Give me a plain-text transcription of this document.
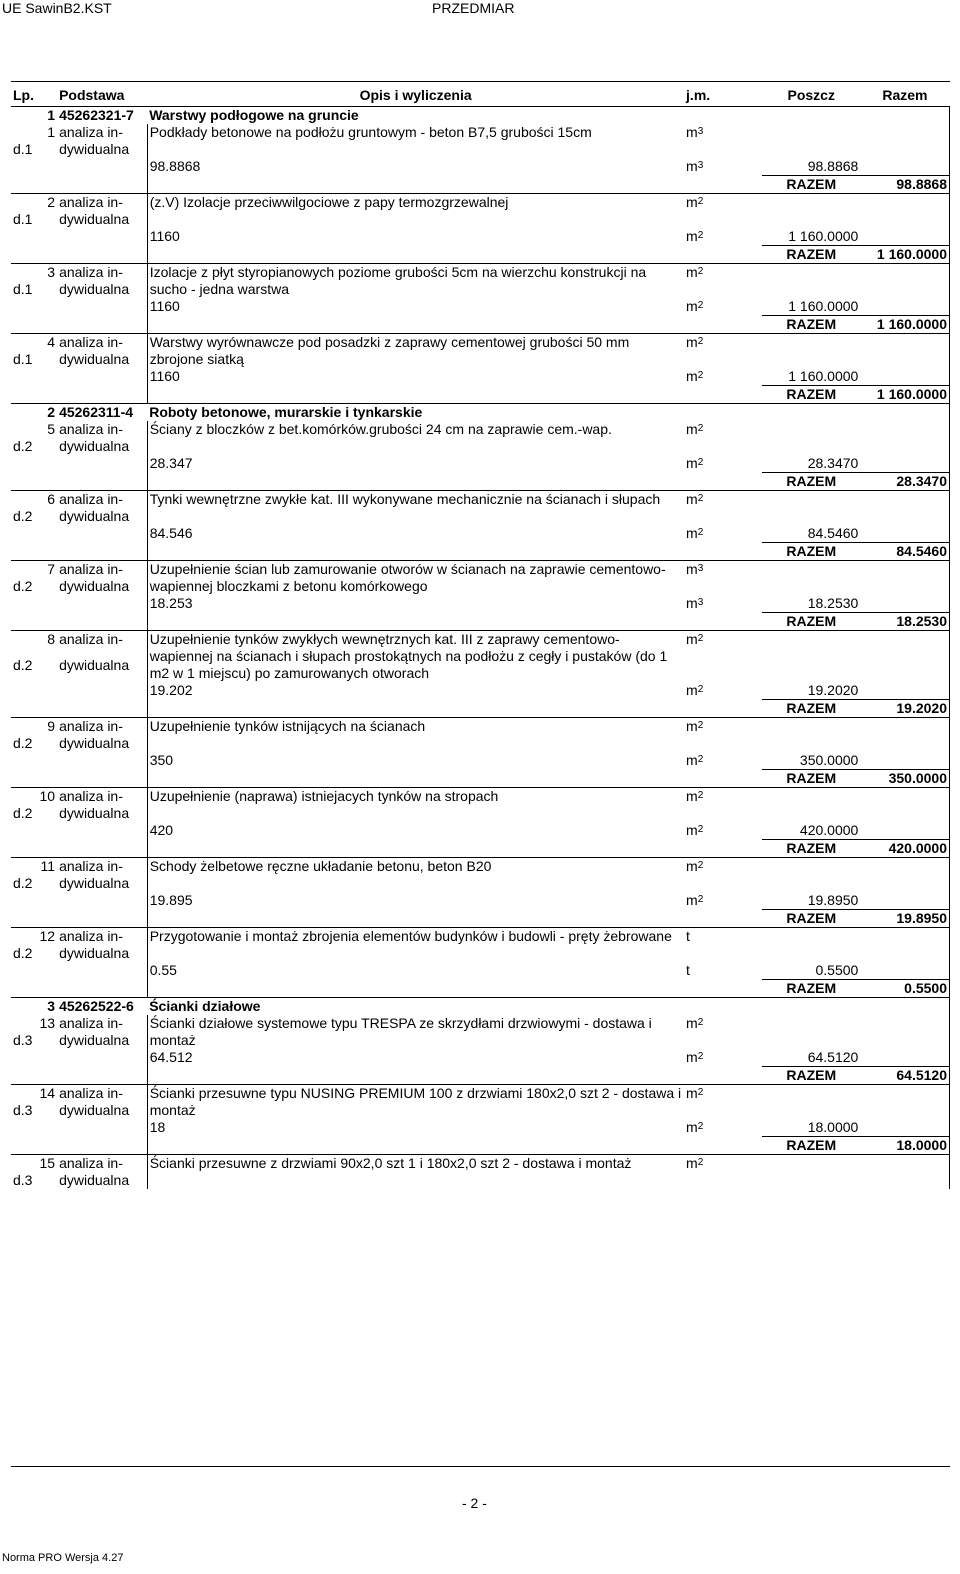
UE SawinB2.KST	PRZEDMIAR
Lp.	Podstawa	Opis i wyliczenia	j.m.	Poszcz	Razem
1	45262321-7	Warstwy podłogowe na gruncie			
1	analiza in-	Podkłady betonowe na podłożu gruntowym - beton B7,5 grubości 15cm	$m^3$	
d.1	dywidualna				

		98.8868	$m^3$	98.8868	
				RAZEM	98.8868
2	analiza in-	(z.V) Izolacje przeciwwilgociowe z papy termozgrzewalnej	$m^2$	
d.1	dywidualna				

		1160	$m^2$	1 160.0000	
				RAZEM	1 160.0000
3	analiza in-	Izolacje z płyt styropianowych poziome grubości 5cm na wierzchu konstrukcji na sucho - jedna warstwa	$m^2$	
d.1	dywidualna				

		1160	$m^2$	1 160.0000	
				RAZEM	1 160.0000
4	analiza in-	Warstwy wyrównawcze pod posadzki z zaprawy cementowej grubości 50 mm zbrojone siatką	$m^2$	
d.1	dywidualna				

		1160	$m^2$	1 160.0000	
				RAZEM	1 160.0000
2	45262311-4	Roboty betonowe, murarskie i tynkarskie			
5	analiza in-	Ściany z bloczków z bet.komórków.grubości 24 cm na zaprawie cem.-wap.	$m^2$	
d.2	dywidualna				

		28.347	$m^2$	28.3470	
				RAZEM	28.3470
6	analiza in-	Tynki wewnętrzne zwykłe kat. III wykonywane mechanicznie na ścianach i słupach	$m^2$	
d.2	dywidualna				

		84.546	$m^2$	84.5460	
				RAZEM	84.5460
7	analiza in-	Uzupełnienie ścian lub zamurowanie otworów w ścianach na zaprawie cementowo-wapiennej bloczkami z betonu komórkowego	$m^3$	
d.2	dywidualna				

		18.253	$m^3$	18.2530	
				RAZEM	18.2530
8	analiza in-	Uzupełnienie tynków zwykłych wewnętrznych kat. III z zaprawy cementowo-wapiennej na ścianach i słupach prostokątnych na podłożu z cegły i pustaków (do 1 m2 w 1 miejscu) po zamurowanych otworach	$m^2$	
d.2	dywidualna				

		19.202	$m^2$	19.2020	
				RAZEM	19.2020
9	analiza in-	Uzupełnienie tynków istnijących na ścianach	$m^2$	
d.2	dywidualna				

		350	$m^2$	350.0000	
				RAZEM	350.0000
10	analiza in-	Uzupełnienie (naprawa) istniejacych tynków na stropach	$m^2$	
d.2	dywidualna				

		420	$m^2$	420.0000	
				RAZEM	420.0000
11	analiza in-	Schody żelbetowe ręczne układanie betonu, beton B20	$m^2$	
d.2	dywidualna				

		19.895	$m^2$	19.8950	
				RAZEM	19.8950
12	analiza in-	Przygotowanie i montaż zbrojenia elementów budynków i budowli - pręty żebrowane	t		
d.2	dywidualna				

		0.55	t	0.5500	
				RAZEM	0.5500
3	45262522-6	Ścianki działowe			
13	analiza in-	Ścianki działowe systemowe typu TRESPA ze skrzydłami drzwiowymi - dostawa i montaż	$m^2$	
d.3	dywidualna				

		64.512	$m^2$	64.5120	
				RAZEM	64.5120
14	analiza in-	Ścianki przesuwne typu NUSING PREMIUM 100 z drzwiami 180x2,0 szt 2 - dostawa i montaż	$m^2$	
d.3	dywidualna				

		18	$m^2$	18.0000	
				RAZEM	18.0000
15	analiza in-	Ścianki przesuwne z drzwiami 90x2,0 szt 1 i 180x2,0 szt 2 - dostawa i montaż	$m^2$	
d.3	dywidualna				

- 2 -
Norma PRO Wersja 4.27
